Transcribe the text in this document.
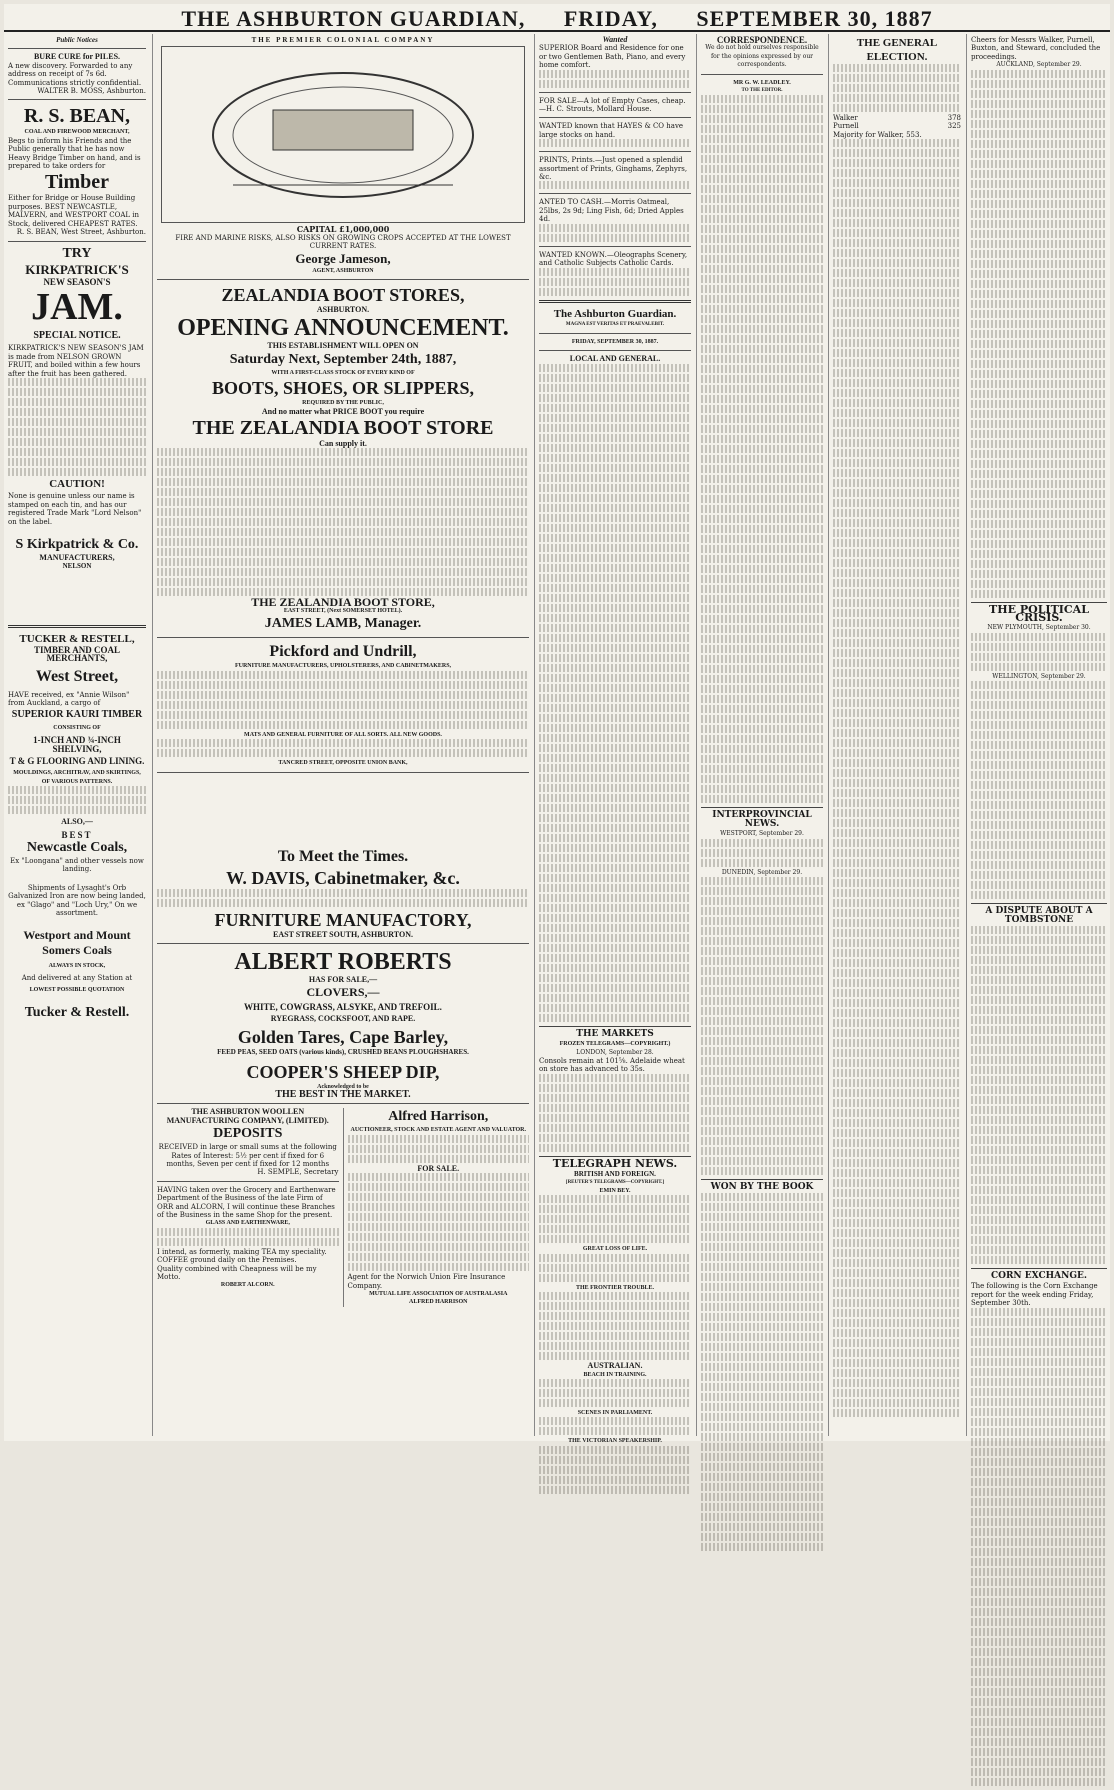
THE ASHBURTON GUARDIAN, FRIDAY, SEPTEMBER 30, 1887
Public Notices
BURE CURE for PILES.
A new discovery. Forwarded to any address on receipt of 7s 6d. Communications strictly confidential.
WALTER B. MOSS, Ashburton.
R. S. BEAN,
COAL AND FIREWOOD MERCHANT,
Begs to inform his Friends and the Public generally that he has now Heavy Bridge Timber on hand, and is prepared to take orders for
Timber
Either for Bridge or House Building purposes. BEST NEWCASTLE, MALVERN, and WESTPORT COAL in Stock, delivered CHEAPEST RATES.
R. S. BEAN, West Street, Ashburton.
TRY
KIRKPATRICK'S
NEW SEASON'S
JAM.
SPECIAL NOTICE.
KIRKPATRICK'S NEW SEASON'S JAM is made from NELSON GROWN FRUIT, and boiled within a few hours after the fruit has been gathered.
CAUTION!
None is genuine unless our name is stamped on each tin, and has our registered Trade Mark "Lord Nelson" on the label.
S Kirkpatrick & Co.
MANUFACTURERS,
NELSON
TUCKER & RESTELL,
TIMBER AND COAL MERCHANTS,
West Street,
HAVE received, ex "Annie Wilson" from Auckland, a cargo of
SUPERIOR KAURI TIMBER
CONSISTING OF
1-INCH AND ¾-INCH SHELVING,
T & G FLOORING AND LINING.
MOULDINGS, ARCHITRAV, AND SKIRTINGS,
OF VARIOUS PATTERNS.
ALSO,—
BEST
Newcastle Coals,
Ex "Loongana" and other vessels now landing.
Shipments of Lysaght's Orb Galvanized Iron are now being landed, ex "Glago" and "Loch Ury," On we assortment.
Westport and Mount Somers Coals
ALWAYS IN STOCK,
And delivered at any Station at
LOWEST POSSIBLE QUOTATION
Tucker & Restell.
THE PREMIER COLONIAL COMPANY
CAPITAL £1,000,000
FIRE AND MARINE RISKS, ALSO RISKS ON GROWING CROPS ACCEPTED AT THE LOWEST CURRENT RATES.
George Jameson,
AGENT, ASHBURTON
ZEALANDIA BOOT STORES,
ASHBURTON.
OPENING ANNOUNCEMENT.
THIS ESTABLISHMENT WILL OPEN ON
Saturday Next, September 24th, 1887,
WITH A FIRST-CLASS STOCK OF EVERY KIND OF
BOOTS, SHOES, OR SLIPPERS,
REQUIRED BY THE PUBLIC,
And no matter what PRICE BOOT you require
THE ZEALANDIA BOOT STORE
Can supply it.
THE ZEALANDIA BOOT STORE,
EAST STREET, (Next SOMERSET HOTEL).
JAMES LAMB, Manager.
Pickford and Undrill,
FURNITURE MANUFACTURERS, UPHOLSTERERS, AND CABINETMAKERS,
MATS AND GENERAL FURNITURE OF ALL SORTS. ALL NEW GOODS.
TANCRED STREET, OPPOSITE UNION BANK,
To Meet the Times.
W. DAVIS, Cabinetmaker, &c.
FURNITURE MANUFACTORY,
EAST STREET SOUTH, ASHBURTON.
ALBERT ROBERTS
HAS FOR SALE,—
CLOVERS,—
WHITE, COWGRASS, ALSYKE, AND TREFOIL.
RYEGRASS, COCKSFOOT, AND RAPE.
Golden Tares, Cape Barley,
FEED PEAS, SEED OATS (various kinds), CRUSHED BEANS PLOUGHSHARES.
COOPER'S SHEEP DIP,
Acknowledged to be
THE BEST IN THE MARKET.
THE ASHBURTON WOOLLEN MANUFACTURING COMPANY, (LIMITED).
DEPOSITS
RECEIVED in large or small sums at the following Rates of Interest: 5½ per cent if fixed for 6 months, Seven per cent if fixed for 12 months
H. SEMPLE, Secretary
HAVING taken over the Grocery and Earthenware Department of the Business of the late Firm of ORR and ALCORN, I will continue these Branches of the Business in the same Shop for the present.
GLASS AND EARTHENWARE,
I intend, as formerly, making TEA my speciality.
COFFEE ground daily on the Premises.
Quality combined with Cheapness will be my Motto.
ROBERT ALCORN.
Alfred Harrison,
AUCTIONEER, STOCK AND ESTATE AGENT AND VALUATOR.
FOR SALE.
Agent for the Norwich Union Fire Insurance Company.
MUTUAL LIFE ASSOCIATION OF AUSTRALASIA
ALFRED HARRISON
Wanted
SUPERIOR Board and Residence for one or two Gentlemen Bath, Piano, and every home comfort.
FOR SALE—A lot of Empty Cases, cheap.—H. C. Strouts, Mollard House.
WANTED known that HAYES & CO have large stocks on hand.
PRINTS, Prints.—Just opened a splendid assortment of Prints, Ginghams, Zephyrs, &c.
ANTED TO CASH.—Morris Oatmeal, 25lbs, 2s 9d; Ling Fish, 6d; Dried Apples 4d.
WANTED KNOWN.—Oleographs Scenery, and Catholic Subjects Catholic Cards.
The Ashburton Guardian.
MAGNA EST VERITAS ET PRAEVALEBIT.
FRIDAY, SEPTEMBER 30, 1887.
LOCAL AND GENERAL.
THE MARKETS
FROZEN TELEGRAMS—COPYRIGHT.)
LONDON, September 28.
Consols remain at 101⅝. Adelaide wheat on store has advanced to 35s.
TELEGRAPH NEWS.
BRITISH AND FOREIGN.
[REUTER'S TELEGRAMS—COPYRIGHT.]
EMIN BEY.
GREAT LOSS OF LIFE.
THE FRONTIER TROUBLE.
AUSTRALIAN.
BEACH IN TRAINING.
SCENES IN PARLIAMENT.
THE VICTORIAN SPEAKERSHIP.
CORRESPONDENCE.
We do not hold ourselves responsible for the opinions expressed by our correspondents.
MR G. W. LEADLEY.
TO THE EDITOR.
INTERPROVINCIAL NEWS.
WESTPORT, September 29.
DUNEDIN, September 29.
WON BY THE BOOK
THE GENERAL ELECTION.
Walker	378
Purnell	325
Majority for Walker, 553.
Cheers for Messrs Walker, Purnell, Buxton, and Steward, concluded the proceedings.
AUCKLAND, September 29.
THE POLITICAL CRISIS.
NEW PLYMOUTH, September 30.
WELLINGTON, September 29.
A DISPUTE ABOUT A TOMBSTONE
CORN EXCHANGE.
The following is the Corn Exchange report for the week ending Friday, September 30th.
